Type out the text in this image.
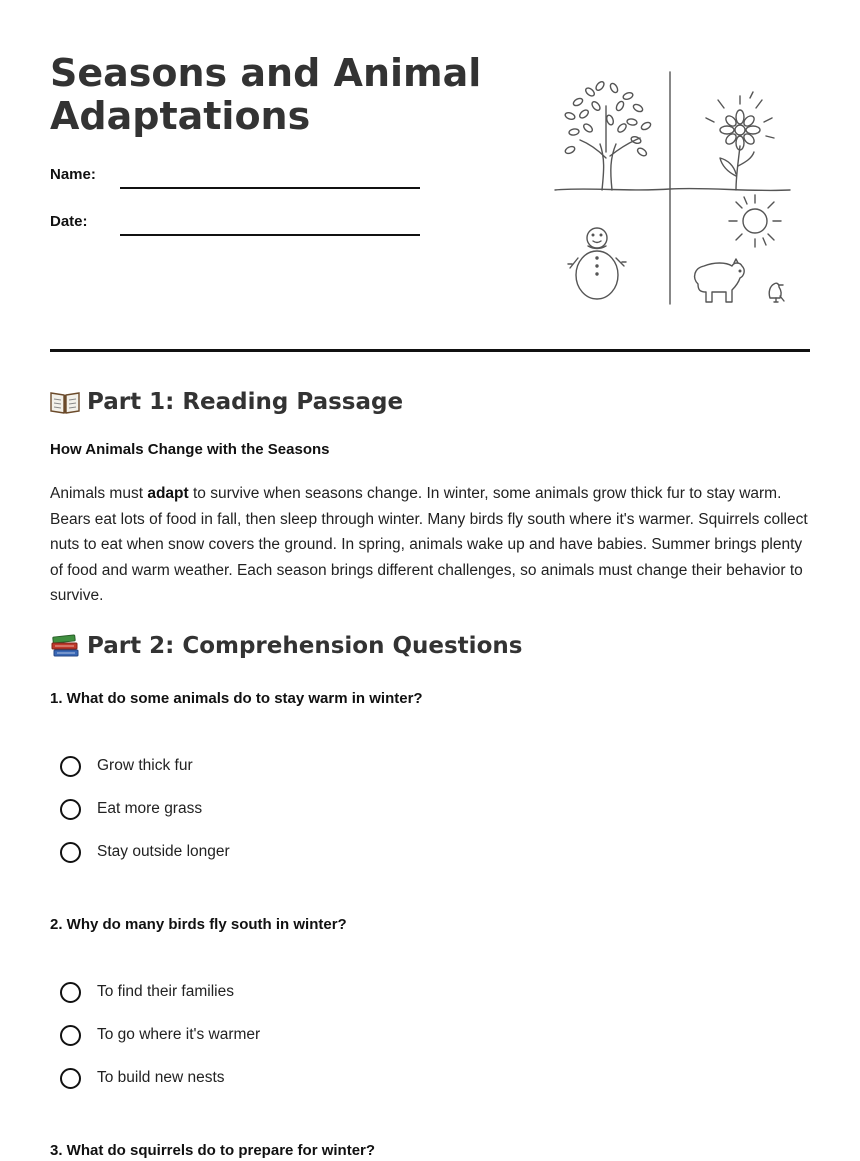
Seasons and Animal Adaptations
Name:
Date:
Part 1: Reading Passage
How Animals Change with the Seasons

Animals must adapt to survive when seasons change. In winter, some animals grow thick fur to stay warm. Bears eat lots of food in fall, then sleep through winter. Many birds fly south where it's warmer. Squirrels collect nuts to eat when snow covers the ground. In spring, animals wake up and have babies. Summer brings plenty of food and warm weather. Each season brings different challenges, so animals must change their behavior to survive.

Part 2: Comprehension Questions
1. What do some animals do to stay warm in winter?
Grow thick fur
Eat more grass
Stay outside longer
2. Why do many birds fly south in winter?
To find their families
To go where it's warmer
To build new nests
3. What do squirrels do to prepare for winter?
